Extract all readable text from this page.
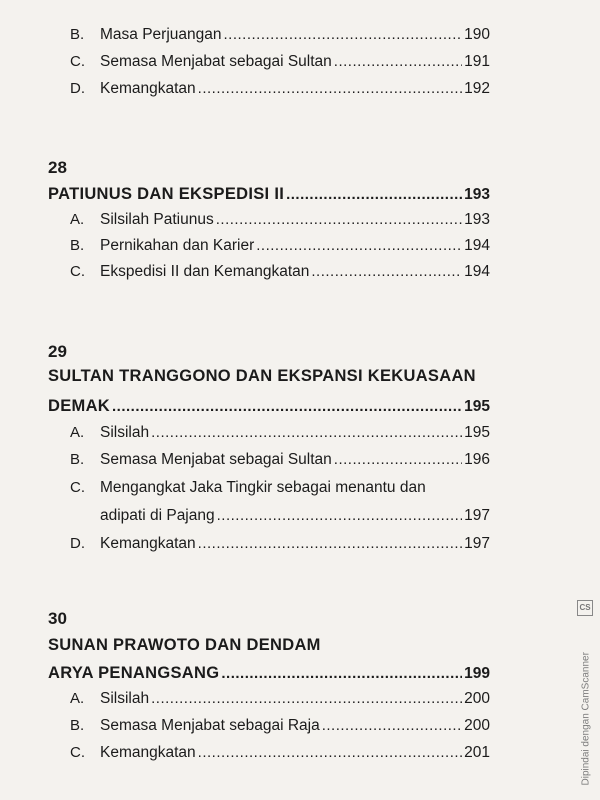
B.	Masa Perjuangan .....	190
C. Semasa Menjabat sebagai Sultan .....	191
D. Kemangkatan .....	192
28
PATIUNUS DAN EKSPEDISI II .....	193
A.	Silsilah Patiunus .....	193
B.	Pernikahan dan Karier .....	194
C. Ekspedisi II dan Kemangkatan .....	194
29
SULTAN TRANGGONO DAN EKSPANSI KEKUASAAN
DEMAK .....	195
A.	Silsilah .....	195
B.	Semasa Menjabat sebagai Sultan .....	196
C. Mengangkat Jaka Tingkir sebagai menantu dan
adipati di Pajang .....	197
D. Kemangkatan .....	197
30
SUNAN PRAWOTO DAN DENDAM
ARYA PENANGSANG .....	199
A.	Silsilah .....	200
B.	Semasa Menjabat sebagai Raja .....	200
C. Kemangkatan .....	201
CS
Dipindai dengan CamScanner
